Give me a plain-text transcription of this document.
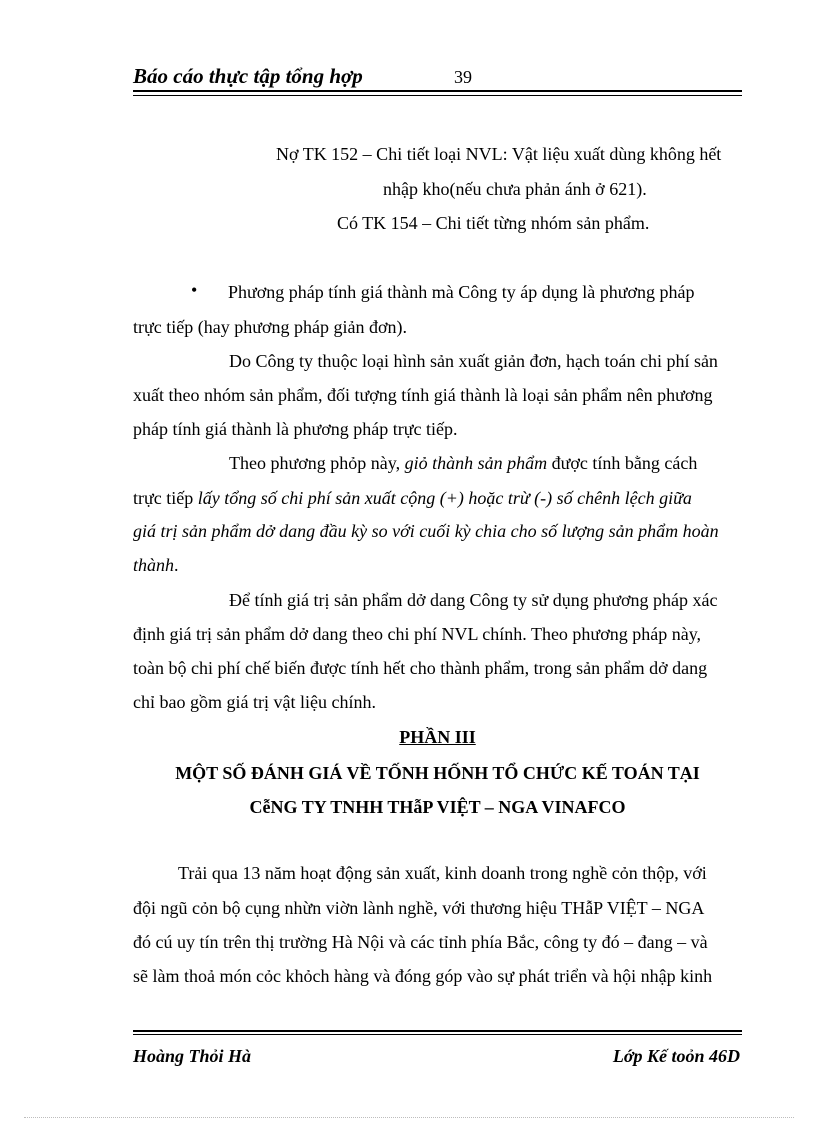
Báo cáo thực tập tổng hợp	39
Nợ TK 152 – Chi tiết loại NVL: Vật liệu xuất dùng không hết
nhập kho(nếu chưa phản ánh ở 621).
Có TK 154 – Chi tiết từng nhóm sản phẩm.
• Phương pháp tính giá thành mà Công ty áp dụng là phương pháp
trực tiếp (hay phương pháp giản đơn).
Do Công ty thuộc loại hình sản xuất giản đơn, hạch toán chi phí sản
xuất theo nhóm sản phẩm, đối tượng tính giá thành là loại sản phẩm nên phương
pháp tính giá thành là phương pháp trực tiếp.
Theo phương phỏp này, giỏ thành sản phẩm được tính bằng cách
trực tiếp lấy tổng số chi phí sản xuất cộng (+) hoặc trừ (-) số chênh lệch giữa
giá trị sản phẩm dở dang đầu kỳ so với cuối kỳ chia cho số lượng sản phẩm hoàn
thành.
Để tính giá trị sản phẩm dở dang Công ty sử dụng phương pháp xác
định giá trị sản phẩm dở dang theo chi phí NVL chính. Theo phương pháp này,
toàn bộ chi phí chế biến được tính hết cho thành phẩm, trong sản phẩm dở dang
chỉ bao gồm giá trị vật liệu chính.
PHẦN III
MỘT SỐ ĐÁNH GIÁ VỀ TỐNH HỐNH TỔ CHỨC KẾ TOÁN TẠI
CễNG TY TNHH THẫP VIỆT – NGA VINAFCO
Trải qua 13 năm hoạt động sản xuất, kinh doanh trong nghề cỏn thộp, với
đội ngũ cỏn bộ cụng nhừn viờn lành nghề, với thương hiệu THẫP VIỆT – NGA
đó cú uy tín trên thị trường Hà Nội và các tỉnh phía Bắc, công ty đó – đang – và
sẽ làm thoả món cỏc khỏch hàng và đóng góp vào sự phát triển và hội nhập kinh
Hoàng Thỏi Hà	Lớp Kế toỏn 46D
